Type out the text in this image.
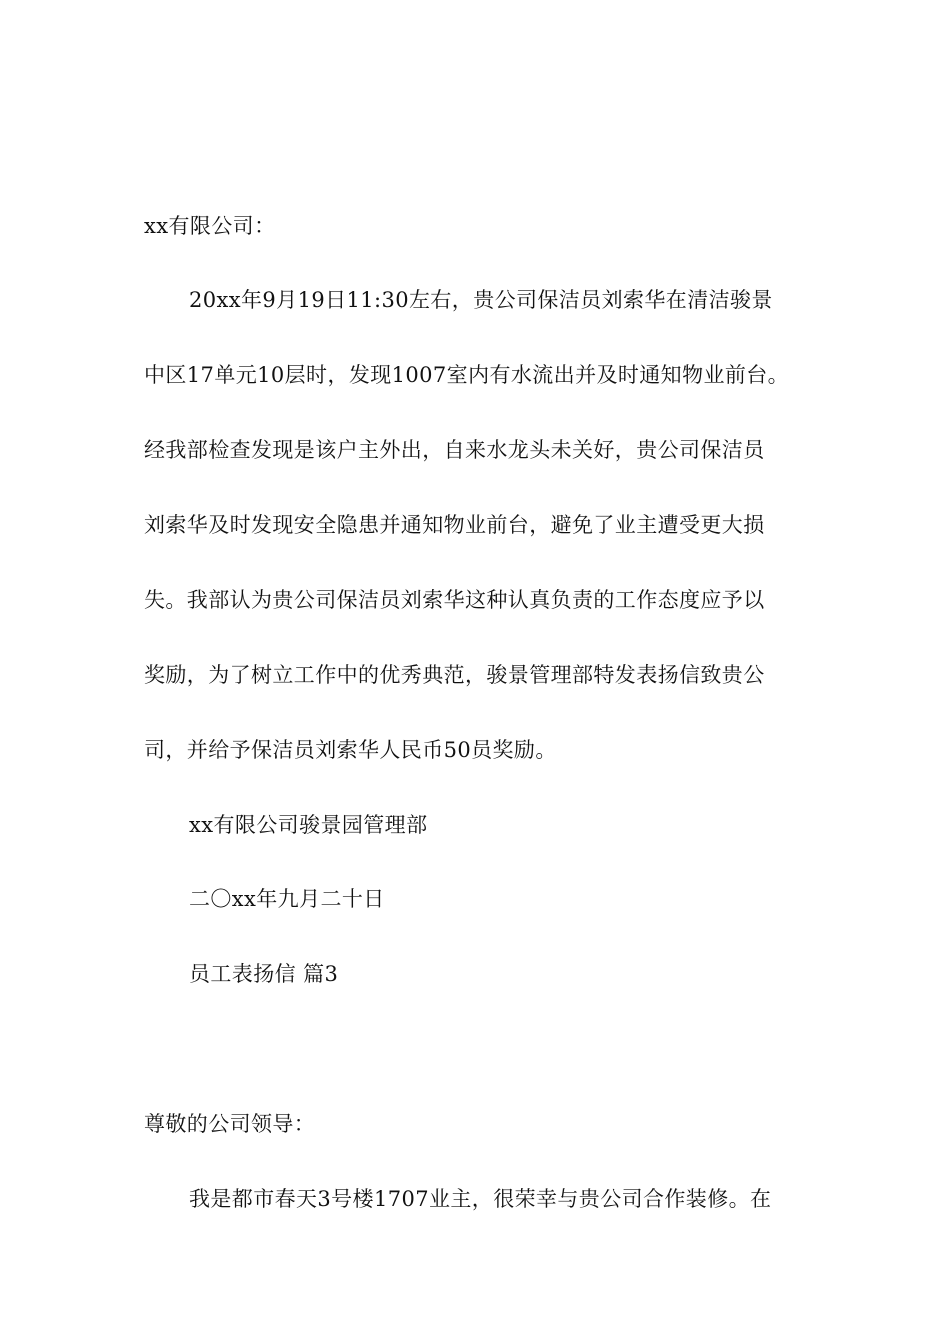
xx有限公司：
20xx年9月19日11:30左右，贵公司保洁员刘索华在清洁骏景
中区17单元10层时，发现1007室内有水流出并及时通知物业前台。
经我部检查发现是该户主外出，自来水龙头未关好，贵公司保洁员
刘索华及时发现安全隐患并通知物业前台，避免了业主遭受更大损
失。我部认为贵公司保洁员刘索华这种认真负责的工作态度应予以
奖励，为了树立工作中的优秀典范，骏景管理部特发表扬信致贵公
司，并给予保洁员刘索华人民币50员奖励。
xx有限公司骏景园管理部
二〇xx年九月二十日
员工表扬信 篇3
尊敬的公司领导：
我是都市春天3号楼1707业主，很荣幸与贵公司合作装修。在
